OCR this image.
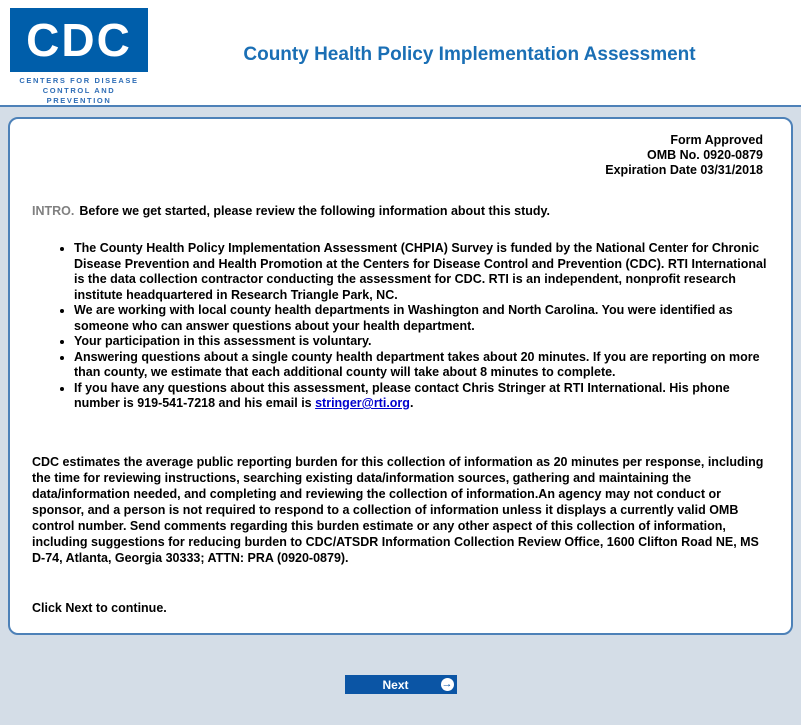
CDC
CENTERS FOR DISEASE
CONTROL AND PREVENTION
County Health Policy Implementation Assessment
Form Approved
OMB No. 0920-0879
Expiration Date 03/31/2018

INTRO. Before we get started, please review the following information about this study.

• The County Health Policy Implementation Assessment (CHPIA) Survey is funded by the National Center for Chronic Disease Prevention and Health Promotion at the Centers for Disease Control and Prevention (CDC). RTI International is the data collection contractor conducting the assessment for CDC. RTI is an independent, nonprofit research institute headquartered in Research Triangle Park, NC.
• We are working with local county health departments in Washington and North Carolina. You were identified as someone who can answer questions about your health department.
• Your participation in this assessment is voluntary.
• Answering questions about a single county health department takes about 20 minutes. If you are reporting on more than county, we estimate that each additional county will take about 8 minutes to complete.
• If you have any questions about this assessment, please contact Chris Stringer at RTI International. His phone number is 919-541-7218 and his email is stringer@rti.org.

CDC estimates the average public reporting burden for this collection of information as 20 minutes per response, including the time for reviewing instructions, searching existing data/information sources, gathering and maintaining the data/information needed, and completing and reviewing the collection of information.An agency may not conduct or sponsor, and a person is not required to respond to a collection of information unless it displays a currently valid OMB control number. Send comments regarding this burden estimate or any other aspect of this collection of information, including suggestions for reducing burden to CDC/ATSDR Information Collection Review Office, 1600 Clifton Road NE, MS D-74, Atlanta, Georgia 30333; ATTN: PRA (0920-0879).

Click Next to continue.

Next	→
